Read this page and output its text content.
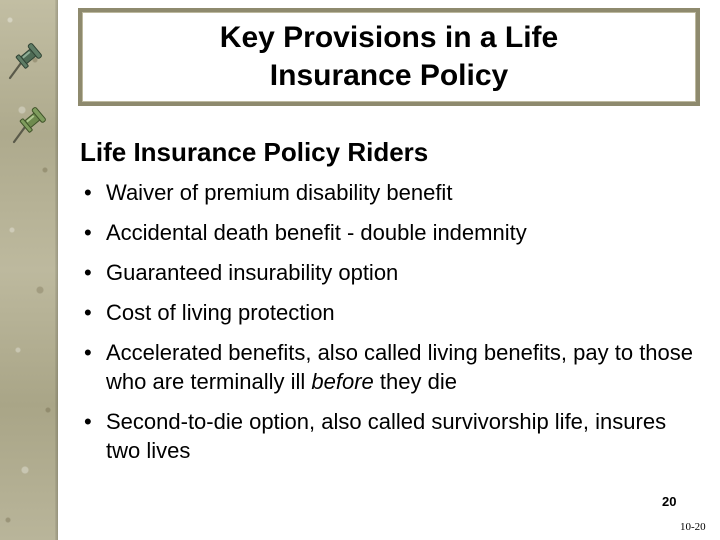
Key Provisions in a Life
Insurance Policy
Life Insurance Policy Riders
• Waiver of premium disability benefit
• Accidental death benefit - double indemnity
• Guaranteed insurability option
• Cost of living protection
• Accelerated benefits, also called living benefits, pay to those who are terminally ill before they die
• Second-to-die option, also called survivorship life, insures two lives
20
10-20
